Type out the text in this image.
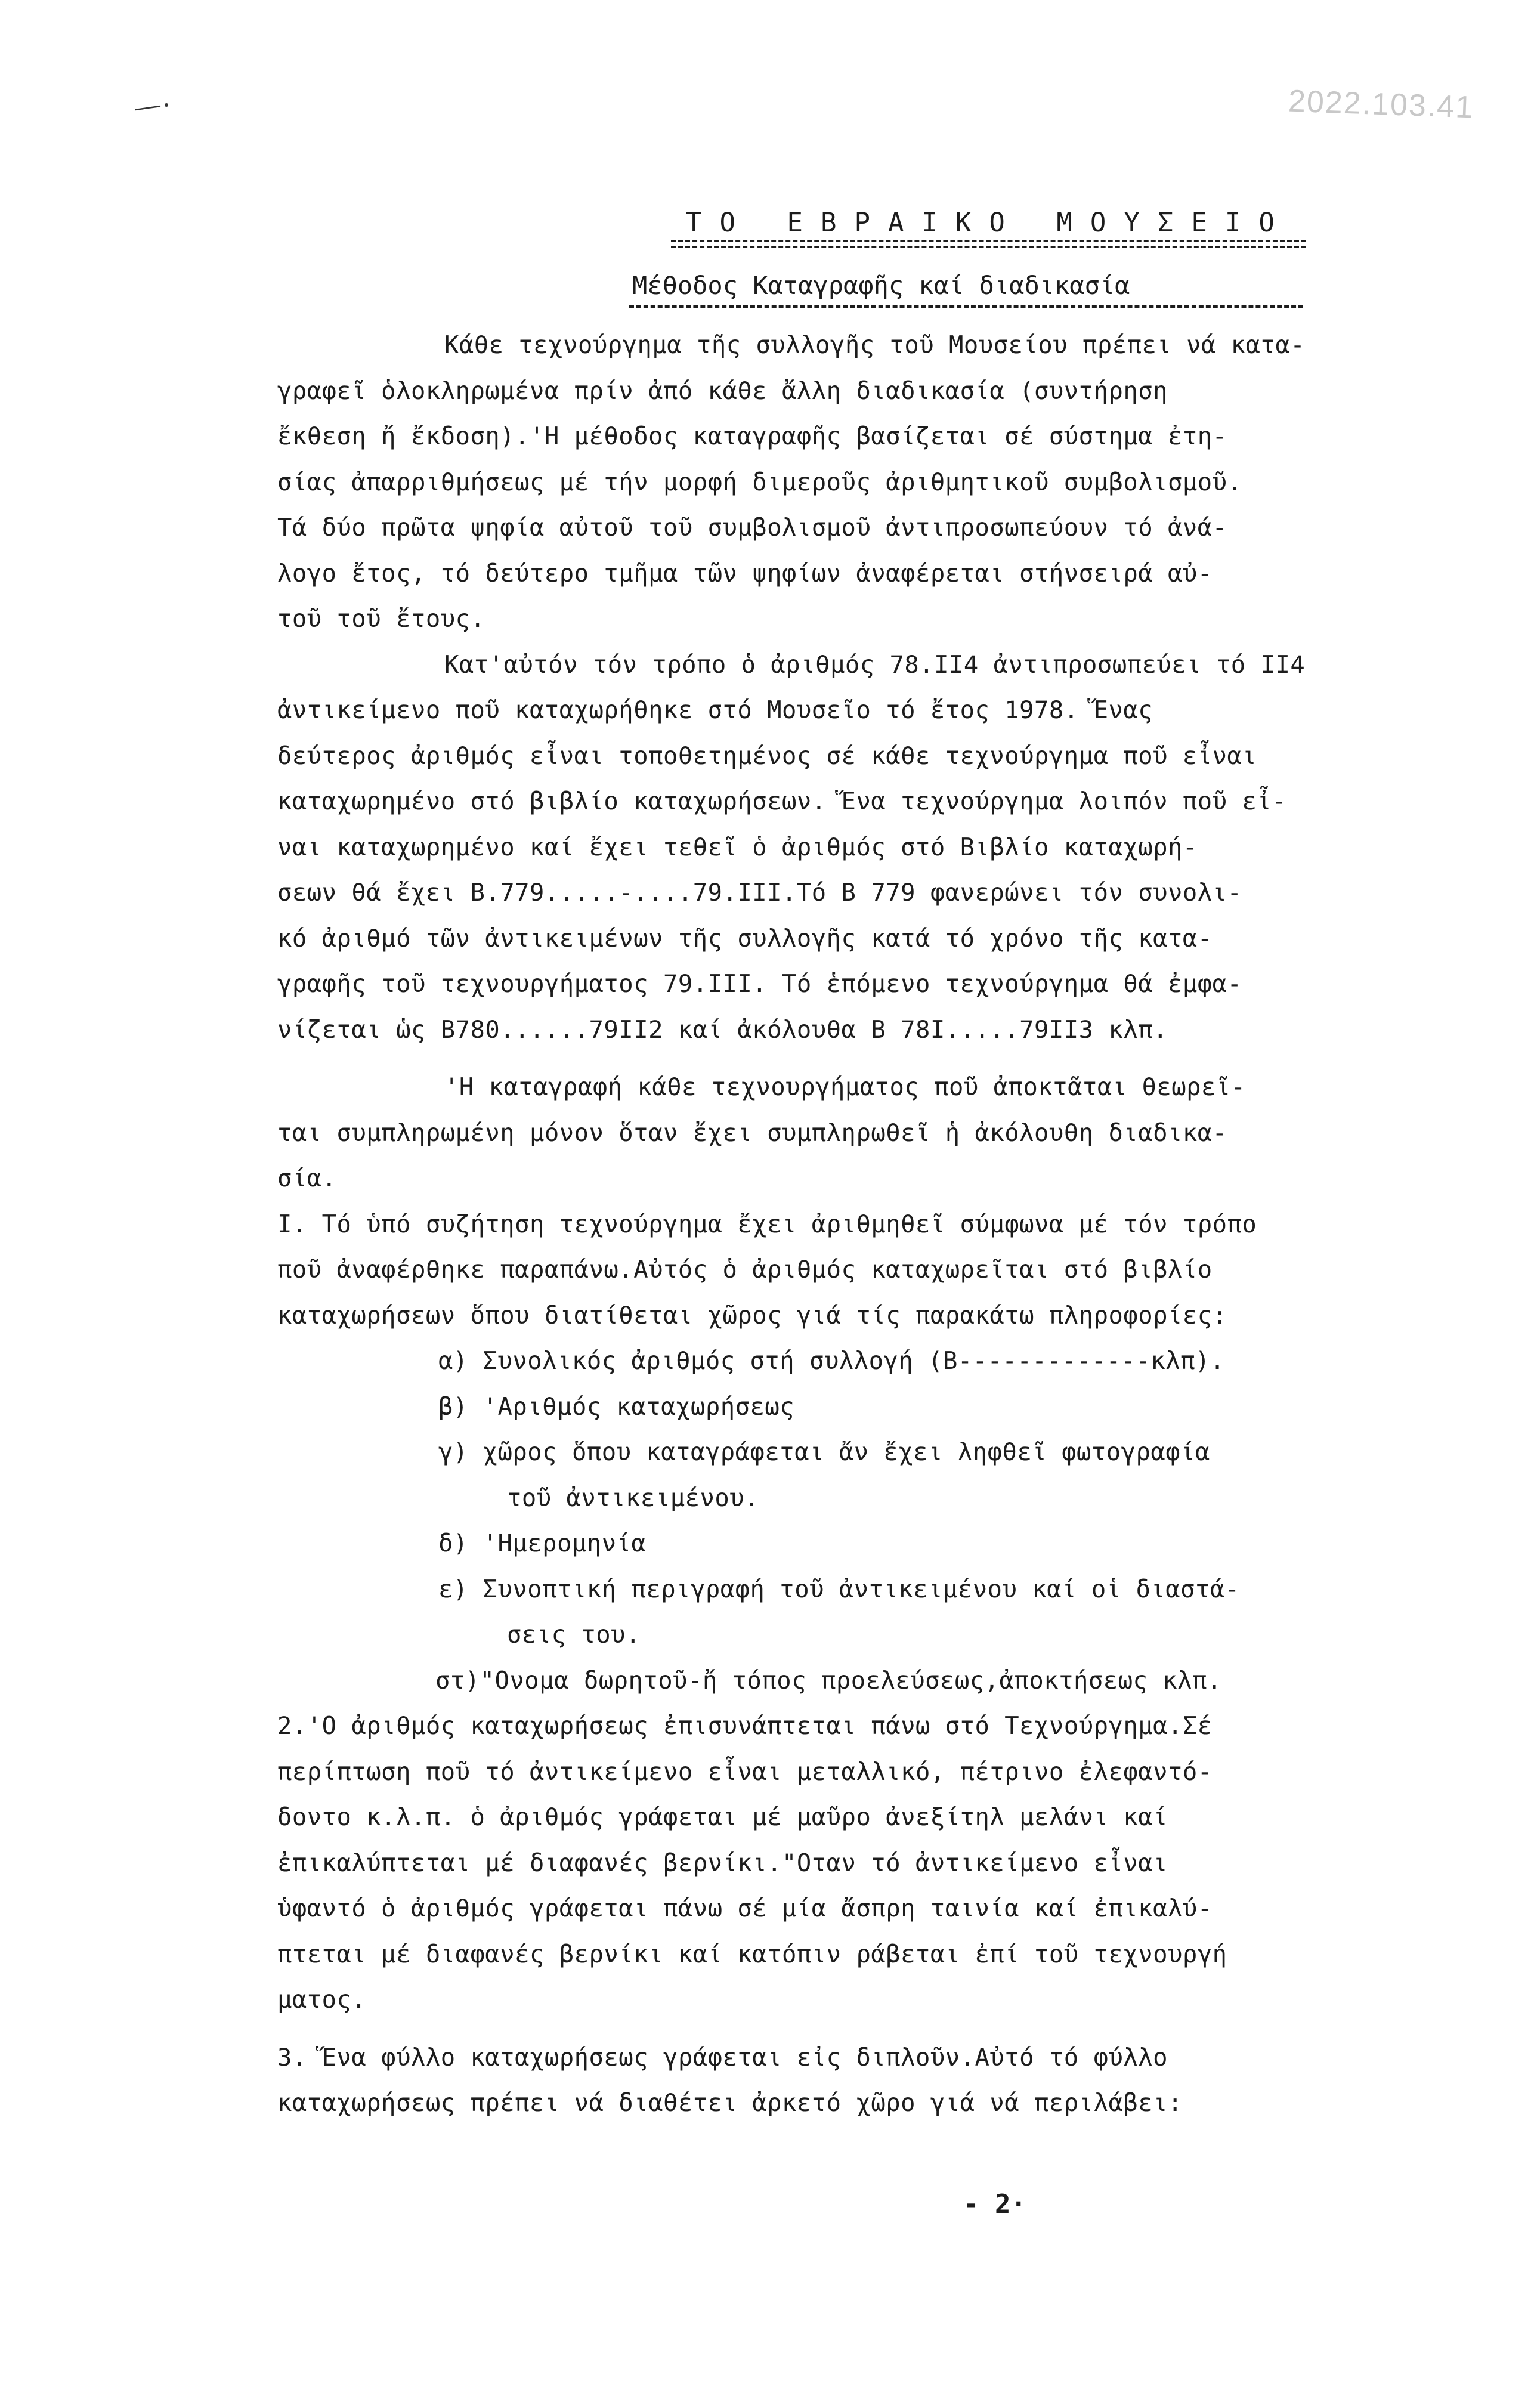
2022.103.41
ΤΟ ΕΒΡΑΙΚΟ ΜΟΥΣΕΙΟ
Μέθοδος Καταγραφῆς καί διαδικασία
Κάθε τεχνούργημα τῆς συλλογῆς τοῦ Μουσείου πρέπει νά κατα-
γραφεῖ ὁλοκληρωμένα πρίν ἀπό κάθε ἄλλη διαδικασία (συντήρηση
ἔκθεση ἤ ἔκδοση).'Η μέθοδος καταγραφῆς βασίζεται σέ σύστημα ἐτη-
σίας ἀπαρριθμήσεως μέ τήν μορφή διμεροῦς ἀριθμητικοῦ συμβολισμοῦ.
Τά δύο πρῶτα ψηφία αὐτοῦ τοῦ συμβολισμοῦ ἀντιπροσωπεύουν τό ἀνά-
λογο ἔτος, τό δεύτερο τμῆμα τῶν ψηφίων ἀναφέρεται στήνσειρά αὐ-
τοῦ τοῦ ἔτους.
Κατ'αὐτόν τόν τρόπο ὁ ἀριθμός 78.ΙΙ4 ἀντιπροσωπεύει τό ΙΙ4
ἀντικείμενο ποῦ καταχωρήθηκε στό Μουσεῖο τό ἔτος 1978. Ἕνας
δεύτερος ἀριθμός εἶναι τοποθετημένος σέ κάθε τεχνούργημα ποῦ εἶναι
καταχωρημένο στό βιβλίο καταχωρήσεων. Ἕνα τεχνούργημα λοιπόν ποῦ εἶ-
ναι καταχωρημένο καί ἔχει τεθεῖ ὁ ἀριθμός στό Βιβλίο καταχωρή-
σεων θά ἔχει Β.779.....-....79.ΙΙΙ.Τό Β 779 φανερώνει τόν συνολι-
κό ἀριθμό τῶν ἀντικειμένων τῆς συλλογῆς κατά τό χρόνο τῆς κατα-
γραφῆς τοῦ τεχνουργήματος 79.ΙΙΙ. Τό ἑπόμενο τεχνούργημα θά ἐμφα-
νίζεται ὡς Β780......79ΙΙ2 καί ἀκόλουθα Β 78Ι.....79ΙΙ3 κλπ.
'Η καταγραφή κάθε τεχνουργήματος ποῦ ἀποκτᾶται θεωρεῖ-
ται συμπληρωμένη μόνον ὅταν ἔχει συμπληρωθεῖ ἡ ἀκόλουθη διαδικα-
σία.
Ι. Τό ὑπό συζήτηση τεχνούργημα ἔχει ἀριθμηθεῖ σύμφωνα μέ τόν τρόπο
ποῦ ἀναφέρθηκε παραπάνω.Αὐτός ὁ ἀριθμός καταχωρεῖται στό βιβλίο
καταχωρήσεων ὅπου διατίθεται χῶρος γιά τίς παρακάτω πληροφορίες:
α) Συνολικός ἀριθμός στή συλλογή (Β-------------κλπ).
β) 'Αριθμός καταχωρήσεως
γ) χῶρος ὅπου καταγράφεται ἄν ἔχει ληφθεῖ φωτογραφία
τοῦ ἀντικειμένου.
δ) 'Ημερομηνία
ε) Συνοπτική περιγραφή τοῦ ἀντικειμένου καί οἱ διαστά-
σεις του.
στ)"Ονομα δωρητοῦ-ἤ τόπος προελεύσεως,ἀποκτήσεως κλπ.
2.'Ο ἀριθμός καταχωρήσεως ἐπισυνάπτεται πάνω στό Τεχνούργημα.Σέ
περίπτωση ποῦ τό ἀντικείμενο εἶναι μεταλλικό, πέτρινο ἐλεφαντό-
δοντο κ.λ.π. ὁ ἀριθμός γράφεται μέ μαῦρο ἀνεξίτηλ μελάνι καί
ἐπικαλύπτεται μέ διαφανές βερνίκι."Οταν τό ἀντικείμενο εἶναι
ὑφαντό ὁ ἀριθμός γράφεται πάνω σέ μία ἄσπρη ταινία καί ἐπικαλύ-
πτεται μέ διαφανές βερνίκι καί κατόπιν ράβεται ἐπί τοῦ τεχνουργή
ματος.
3. Ἕνα φύλλο καταχωρήσεως γράφεται εἰς διπλοῦν.Αὐτό τό φύλλο
καταχωρήσεως πρέπει νά διαθέτει ἀρκετό χῶρο γιά νά περιλάβει:
- 2·
